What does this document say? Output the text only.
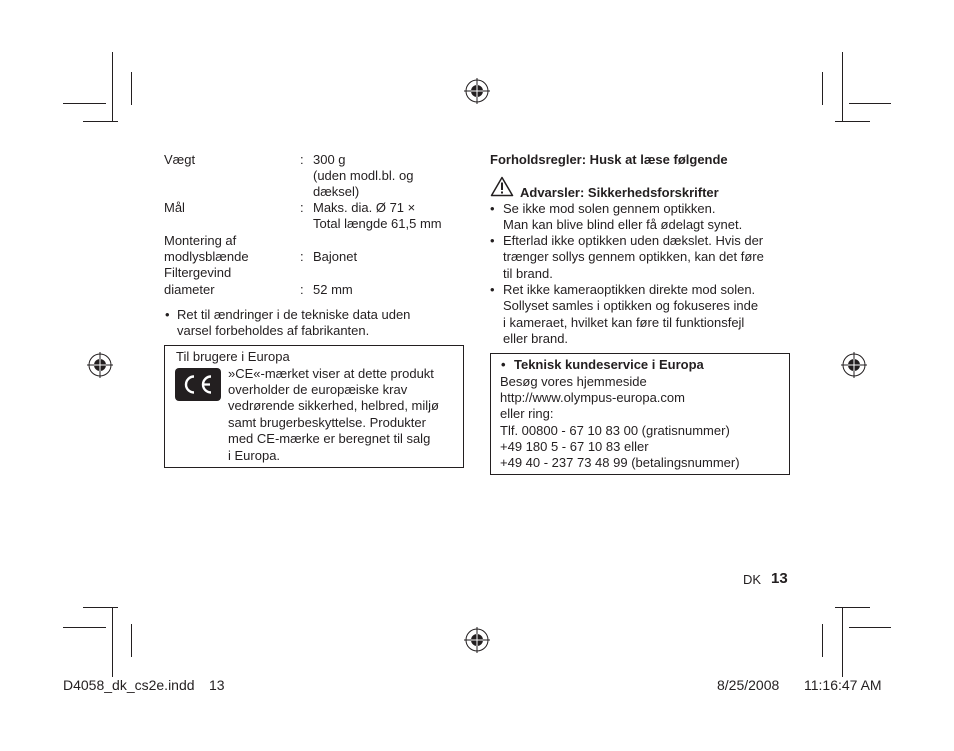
Vægt	: 300 g
(uden modl.bl. og
dæksel)
Mål	: Maks. dia. Ø 71 ×
Total længde 61,5 mm
Montering af
modlysblænde	: Bajonet
Filtergevind
diameter	: 52 mm
• Ret til ændringer i de tekniske data uden
varsel forbeholdes af fabrikanten.
Til brugere i Europa
»CE«-mærket viser at dette produkt
overholder de europæiske krav
vedrørende sikkerhed, helbred, miljø
samt brugerbeskyttelse. Produkter
med CE-mærke er beregnet til salg
i Europa.
Forholdsregler: Husk at læse følgende
Advarsler: Sikkerhedsforskrifter
• Se ikke mod solen gennem optikken.
Man kan blive blind eller få ødelagt synet.
• Efterlad ikke optikken uden dækslet. Hvis der
trænger sollys gennem optikken, kan det føre
til brand.
• Ret ikke kameraoptikken direkte mod solen.
Sollyset samles i optikken og fokuseres inde
i kameraet, hvilket kan føre til funktionsfejl
eller brand.
• Teknisk kundeservice i Europa
Besøg vores hjemmeside
http://www.olympus-europa.com
eller ring:
Tlf. 00800 - 67 10 83 00 (gratisnummer)
+49 180 5 - 67 10 83 eller
+49 40 - 237 73 48 99 (betalingsnummer)
DK 13
D4058_dk_cs2e.indd 13	8/25/2008 11:16:47 AM
